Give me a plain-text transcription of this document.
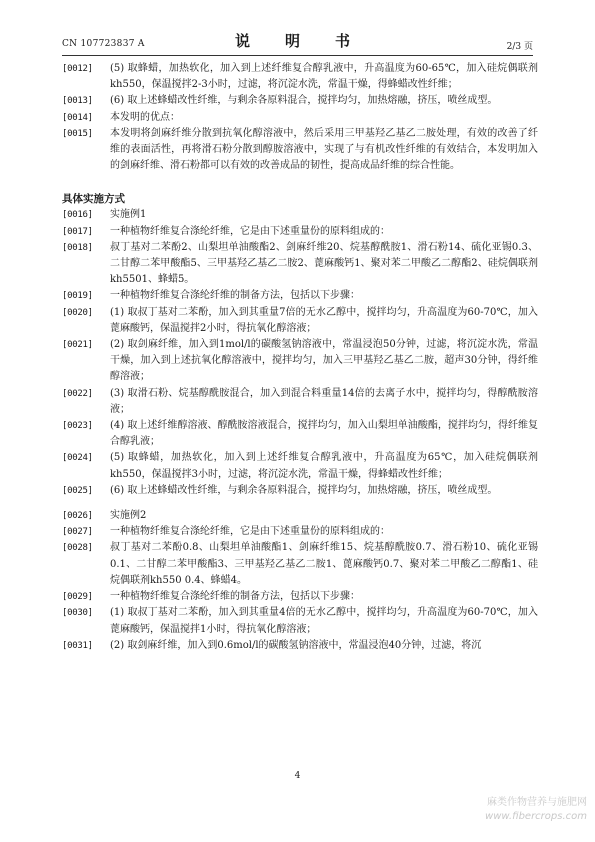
CN 107723837 A	说　明　书	2/3 页
[0012]	(5) 取蜂蜡，加热软化，加入到上述纤维复合醇乳液中，升高温度为60-65℃，加入硅烷偶联剂kh550，保温搅拌2-3小时，过滤，将沉淀水洗，常温干燥，得蜂蜡改性纤维；
[0013]	(6) 取上述蜂蜡改性纤维，与剩余各原料混合，搅拌均匀，加热熔融，挤压，喷丝成型。
[0014]	本发明的优点：
[0015]	本发明将剑麻纤维分散到抗氧化醇溶液中，然后采用三甲基羟乙基乙二胺处理，有效的改善了纤维的表面活性，再将滑石粉分散到醇胺溶液中，实现了与有机改性纤维的有效结合，本发明加入的剑麻纤维、滑石粉都可以有效的改善成品的韧性，提高成品纤维的综合性能。
具体实施方式
[0016]	实施例1
[0017]	一种植物纤维复合涤纶纤维，它是由下述重量份的原料组成的：
[0018]	叔丁基对二苯酚2、山梨坦单油酸酯2、剑麻纤维20、烷基醇酰胺1、滑石粉14、硫化亚锡0.3、二甘醇二苯甲酸酯5、三甲基羟乙基乙二胺2、蓖麻酸钙1、聚对苯二甲酸乙二醇酯2、硅烷偶联剂kh5501、蜂蜡5。
[0019]	一种植物纤维复合涤纶纤维的制备方法，包括以下步骤：
[0020]	(1) 取叔丁基对二苯酚，加入到其重量7倍的无水乙醇中，搅拌均匀，升高温度为60-70℃，加入蓖麻酸钙，保温搅拌2小时，得抗氧化醇溶液；
[0021]	(2) 取剑麻纤维，加入到1mol/l的碳酸氢钠溶液中，常温浸泡50分钟，过滤，将沉淀水洗，常温干燥，加入到上述抗氧化醇溶液中，搅拌均匀，加入三甲基羟乙基乙二胺，超声30分钟，得纤维醇溶液；
[0022]	(3) 取滑石粉、烷基醇酰胺混合，加入到混合料重量14倍的去离子水中，搅拌均匀，得醇酰胺溶液；
[0023]	(4) 取上述纤维醇溶液、醇酰胺溶液混合，搅拌均匀，加入山梨坦单油酸酯，搅拌均匀，得纤维复合醇乳液；
[0024]	(5) 取蜂蜡，加热软化，加入到上述纤维复合醇乳液中，升高温度为65℃，加入硅烷偶联剂kh550，保温搅拌3小时，过滤，将沉淀水洗，常温干燥，得蜂蜡改性纤维；
[0025]	(6) 取上述蜂蜡改性纤维，与剩余各原料混合，搅拌均匀，加热熔融，挤压，喷丝成型。
[0026]	实施例2
[0027]	一种植物纤维复合涤纶纤维，它是由下述重量份的原料组成的：
[0028]	叔丁基对二苯酚0.8、山梨坦单油酸酯1、剑麻纤维15、烷基醇酰胺0.7、滑石粉10、硫化亚锡0.1、二甘醇二苯甲酸酯3、三甲基羟乙基乙二胺1、蓖麻酸钙0.7、聚对苯二甲酸乙二醇酯1、硅烷偶联剂kh550 0.4、蜂蜡4。
[0029]	一种植物纤维复合涤纶纤维的制备方法，包括以下步骤：
[0030]	(1) 取叔丁基对二苯酚，加入到其重量4倍的无水乙醇中，搅拌均匀，升高温度为60-70℃，加入蓖麻酸钙，保温搅拌1小时，得抗氧化醇溶液；
[0031]	(2) 取剑麻纤维，加入到0.6mol/l的碳酸氢钠溶液中，常温浸泡40分钟，过滤，将沉
4
麻类作物营养与施肥网
www.fibercrops.com
